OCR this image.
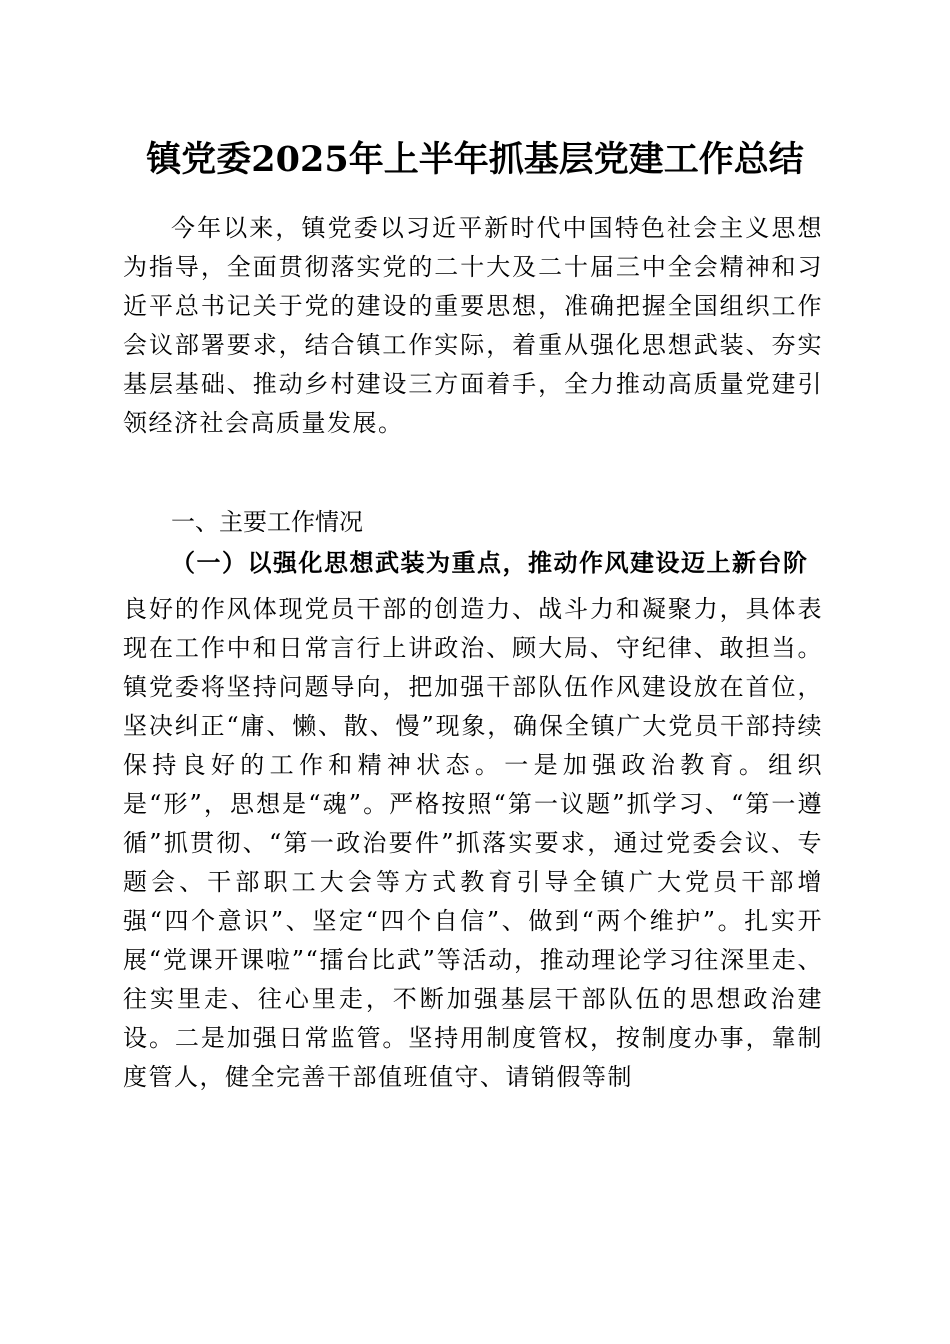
镇党委2025年上半年抓基层党建工作总结

今年以来，镇党委以习近平新时代中国特色社会主义思想为指导，全面贯彻落实党的二十大及二十届三中全会精神和习近平总书记关于党的建设的重要思想，准确把握全国组织工作会议部署要求，结合镇工作实际，着重从强化思想武装、夯实基层基础、推动乡村建设三方面着手，全力推动高质量党建引领经济社会高质量发展。

一、主要工作情况

（一）以强化思想武装为重点，推动作风建设迈上新台阶

良好的作风体现党员干部的创造力、战斗力和凝聚力，具体表现在工作中和日常言行上讲政治、顾大局、守纪律、敢担当。镇党委将坚持问题导向，把加强干部队伍作风建设放在首位，坚决纠正“庸、懒、散、慢”现象，确保全镇广大党员干部持续保持良好的工作和精神状态。一是加强政治教育。组织是“形”，思想是“魂”。严格按照“第一议题”抓学习、“第一遵循”抓贯彻、“第一政治要件”抓落实要求，通过党委会议、专题会、干部职工大会等方式教育引导全镇广大党员干部增强“四个意识”、坚定“四个自信”、做到“两个维护”。扎实开展“党课开课啦”“擂台比武”等活动，推动理论学习往深里走、往实里走、往心里走，不断加强基层干部队伍的思想政治建设。二是加强日常监管。坚持用制度管权，按制度办事，靠制度管人，健全完善干部值班值守、请销假等制
